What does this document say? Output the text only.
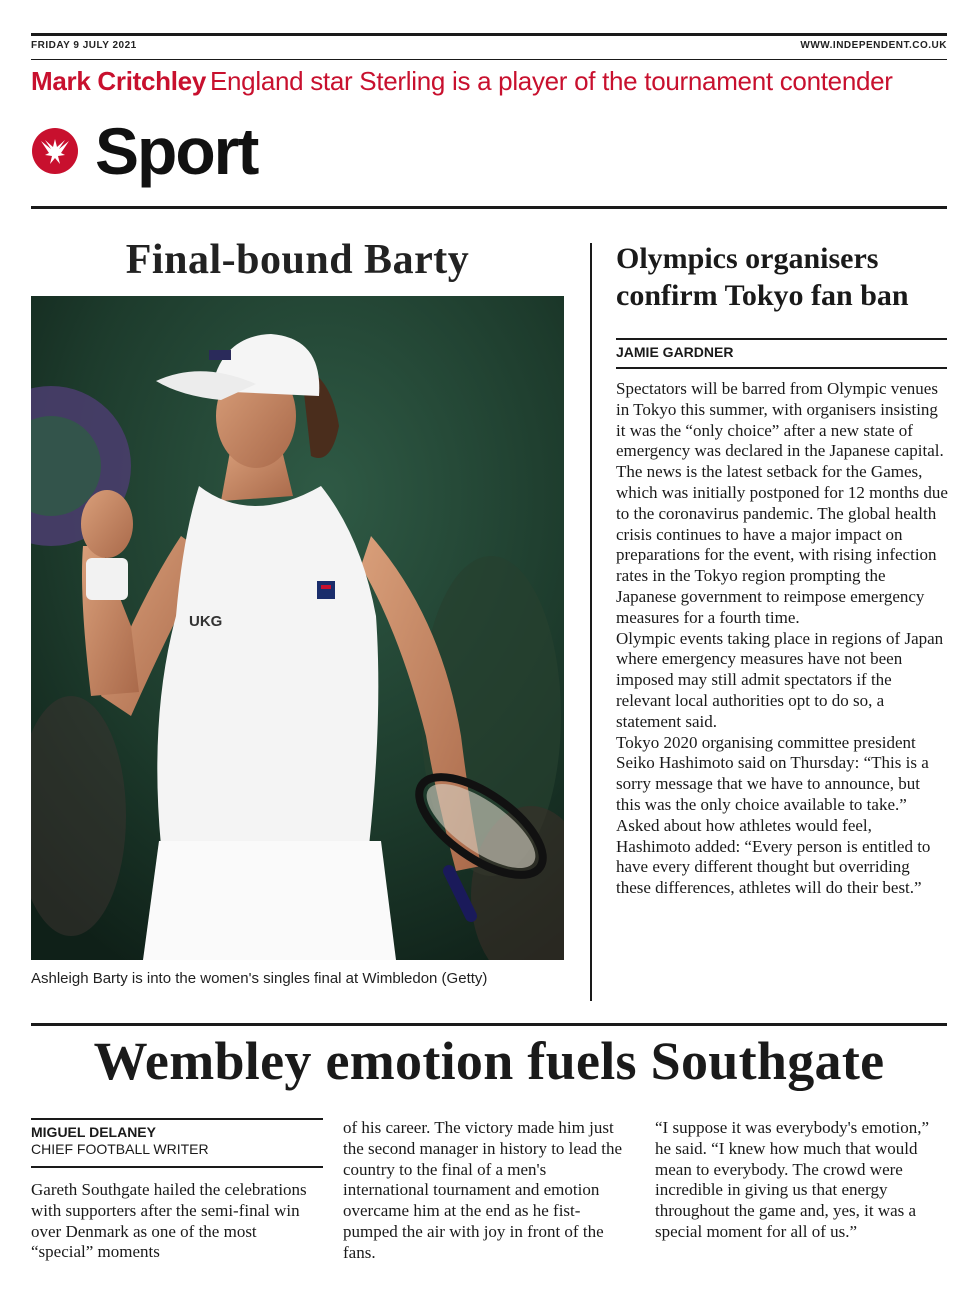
FRIDAY 9 JULY 2021	WWW.INDEPENDENT.CO.UK
Mark Critchley England star Sterling is a player of the tournament contender
Sport
Final-bound Barty
UKG

Ashleigh Barty is into the women's singles final at Wimbledon (Getty)

Olympics organisers confirm Tokyo fan ban
JAMIE GARDNER

Spectators will be barred from Olympic venues in Tokyo this summer, with organisers insisting it was the “only choice” after a new state of emergency was declared in the Japanese capital.

The news is the latest setback for the Games, which was initially postponed for 12 months due to the coronavirus pandemic. The global health crisis continues to have a major impact on preparations for the event, with rising infection rates in the Tokyo region prompting the Japanese government to reimpose emergency measures for a fourth time.

Olympic events taking place in regions of Japan where emergency measures have not been imposed may still admit spectators if the relevant local authorities opt to do so, a statement said.

Tokyo 2020 organising committee president Seiko Hashimoto said on Thursday: “This is a sorry message that we have to announce, but this was the only choice available to take.”

Asked about how athletes would feel, Hashimoto added: “Every person is entitled to have every different thought but overriding these differences, athletes will do their best.”

Wembley emotion fuels Southgate
MIGUEL DELANEY
CHIEF FOOTBALL WRITER

Gareth Southgate hailed the celebrations with supporters after the semi-final win over Denmark as one of the most “special” moments

of his career. The victory made him just the second manager in history to lead the country to the final of a men's international tournament and emotion overcame him at the end as he fist-pumped the air with joy in front of the fans.

“I suppose it was everybody's emotion,” he said. “I knew how much that would mean to everybody. The crowd were incredible in giving us that energy throughout the game and, yes, it was a special moment for all of us.”
